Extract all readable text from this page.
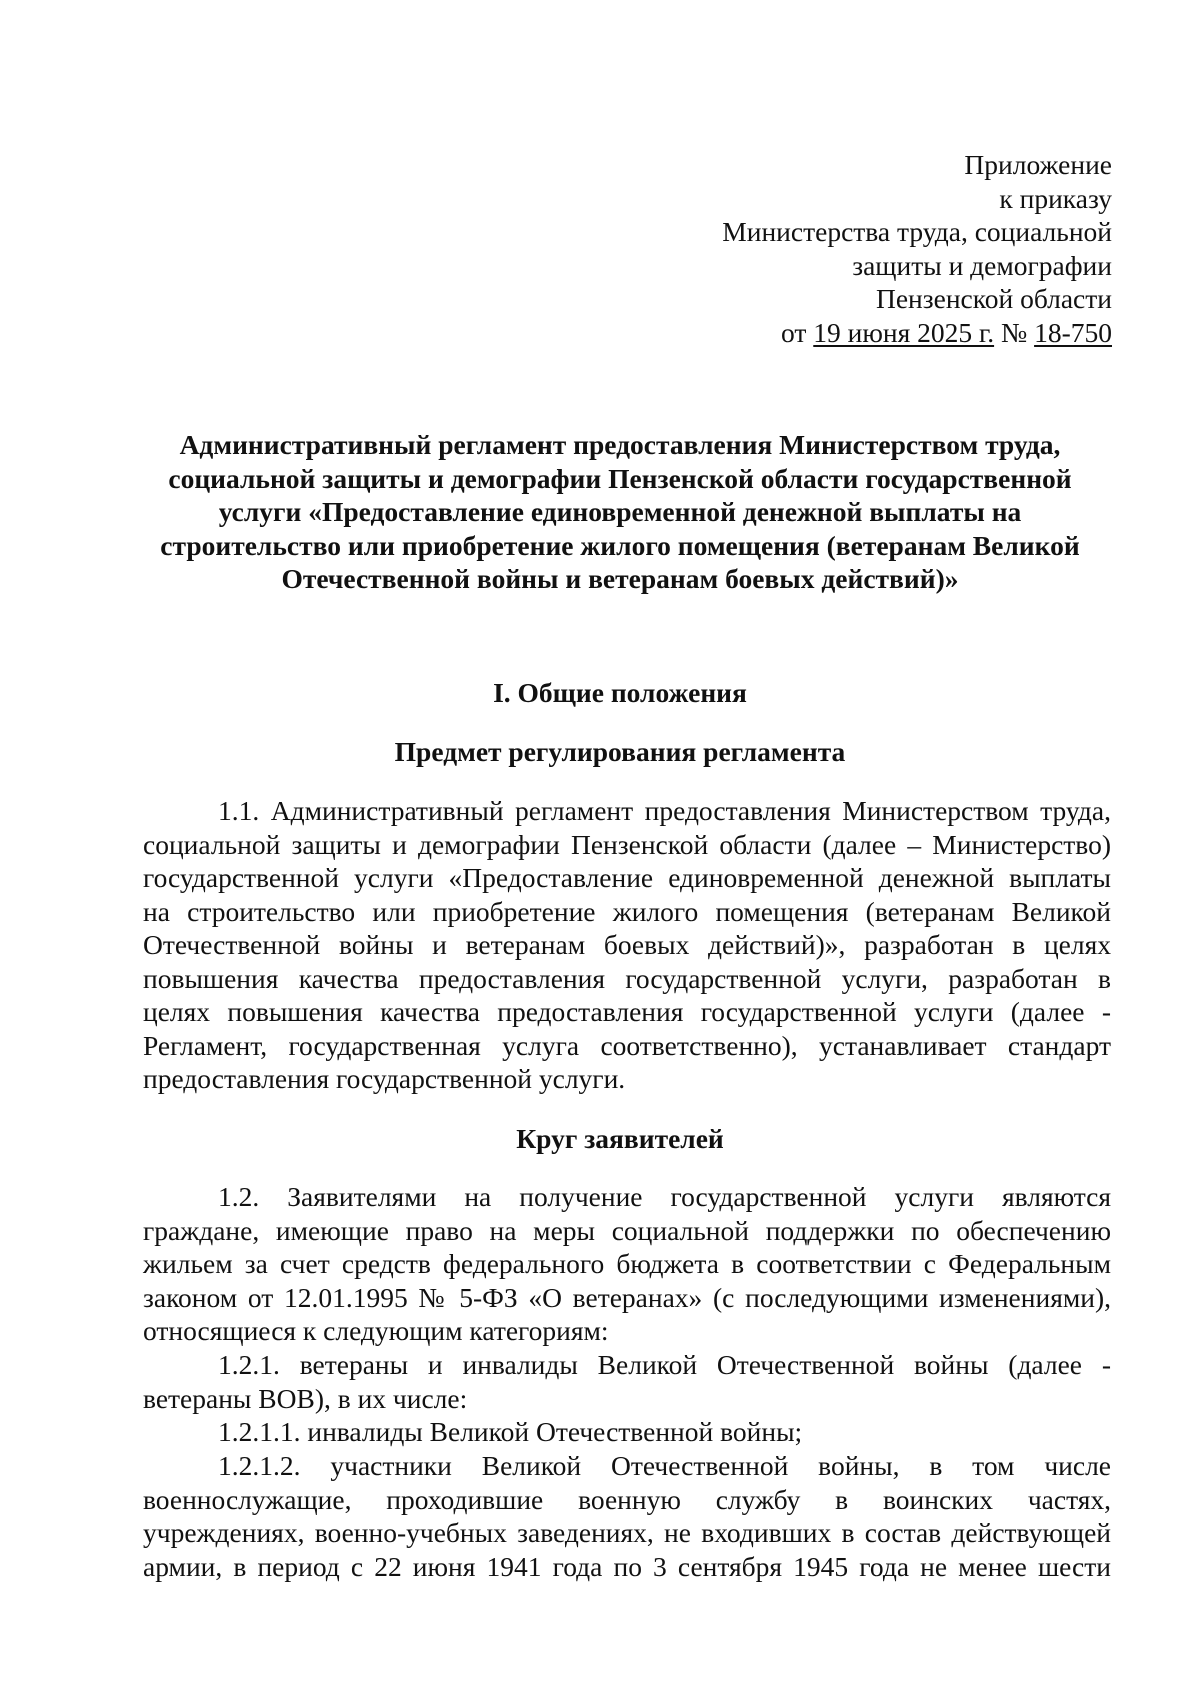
Приложение
к приказу
Министерства труда, социальной
защиты и демографии
Пензенской области
от 19 июня 2025 г. № 18-750
Административный регламент предоставления Министерством труда,
социальной защиты и демографии Пензенской области государственной
услуги «Предоставление единовременной денежной выплаты на
строительство или приобретение жилого помещения (ветеранам Великой
Отечественной войны и ветеранам боевых действий)»
I. Общие положения
Предмет регулирования регламента
1.1. Административный регламент предоставления Министерством труда,
социальной защиты и демографии Пензенской области (далее – Министерство)
государственной услуги «Предоставление единовременной денежной выплаты
на строительство или приобретение жилого помещения (ветеранам Великой
Отечественной войны и ветеранам боевых действий)», разработан в целях
повышения качества предоставления государственной услуги, разработан в
целях повышения качества предоставления государственной услуги (далее -
Регламент, государственная услуга соответственно), устанавливает стандарт
предоставления государственной услуги.
Круг заявителей
1.2. Заявителями на получение государственной услуги являются
граждане, имеющие право на меры социальной поддержки по обеспечению
жильем за счет средств федерального бюджета в соответствии с Федеральным
законом от 12.01.1995 № 5-ФЗ «О ветеранах» (с последующими изменениями),
относящиеся к следующим категориям:
1.2.1. ветераны и инвалиды Великой Отечественной войны (далее -
ветераны ВОВ), в их числе:
1.2.1.1. инвалиды Великой Отечественной войны;
1.2.1.2. участники Великой Отечественной войны, в том числе
военнослужащие, проходившие военную службу в воинских частях,
учреждениях, военно-учебных заведениях, не входивших в состав действующей
армии, в период с 22 июня 1941 года по 3 сентября 1945 года не менее шести
